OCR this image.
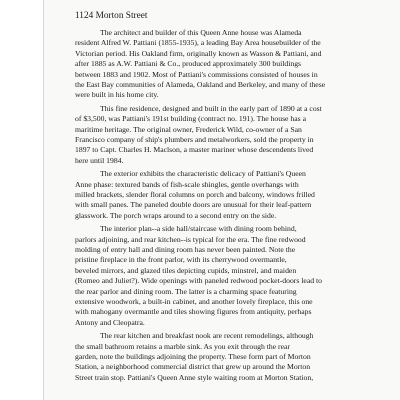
1124 Morton Street
The architect and builder of this Queen Anne house was Alameda
resident Alfred W. Pattiani (1855-1935), a leading Bay Area housebuilder of the
Victorian period. His Oakland firm, originally known as Wasson & Pattiani, and
after 1885 as A.W. Pattiani & Co., produced approximately 300 buildings
between 1883 and 1902. Most of Pattiani's commissions consisted of houses in
the East Bay communities of Alameda, Oakland and Berkeley, and many of these
were built in his home city.
This fine residence, designed and built in the early part of 1890 at a cost
of $3,500, was Pattiani's 191st building (contract no. 191). The house has a
maritime heritage. The original owner, Frederick Wild, co-owner of a San
Francisco company of ship's plumbers and metalworkers, sold the property in
1897 to Capt. Charles H. Maclson, a master mariner whose descendents lived
here until 1984.
The exterior exhibits the characteristic delicacy of Pattiani's Queen
Anne phase: textured bands of fish-scale shingles, gentle overhangs with
milled brackets, slender floral columns on porch and balcony, windows frilled
with small panes. The paneled double doors are unusual for their leaf-pattern
glasswork. The porch wraps around to a second entry on the side.
The interior plan--a side hall/staircase with dining room behind,
parlors adjoining, and rear kitchen--is typical for the era. The fine redwood
molding of entry hall and dining room has never been painted. Note the
pristine fireplace in the front parlor, with its cherrywood overmantle,
beveled mirrors, and glazed tiles depicting cupids, minstrel, and maiden
(Romeo and Juliet?). Wide openings with paneled redwood pocket-doors lead to
the rear parlor and dining room. The latter is a charming space featuring
extensive woodwork, a built-in cabinet, and another lovely fireplace, this one
with mahogany overmantle and tiles showing figures from antiquity, perhaps
Antony and Cleopatra.
The rear kitchen and breakfast nook are recent remodelings, although
the small bathroom retains a marble sink. As you exit through the rear
garden, note the buildings adjoining the property. These form part of Morton
Station, a neighborhood commercial district that grew up around the Morton
Street train stop. Pattiani's Queen Anne style waiting room at Morton Station,
